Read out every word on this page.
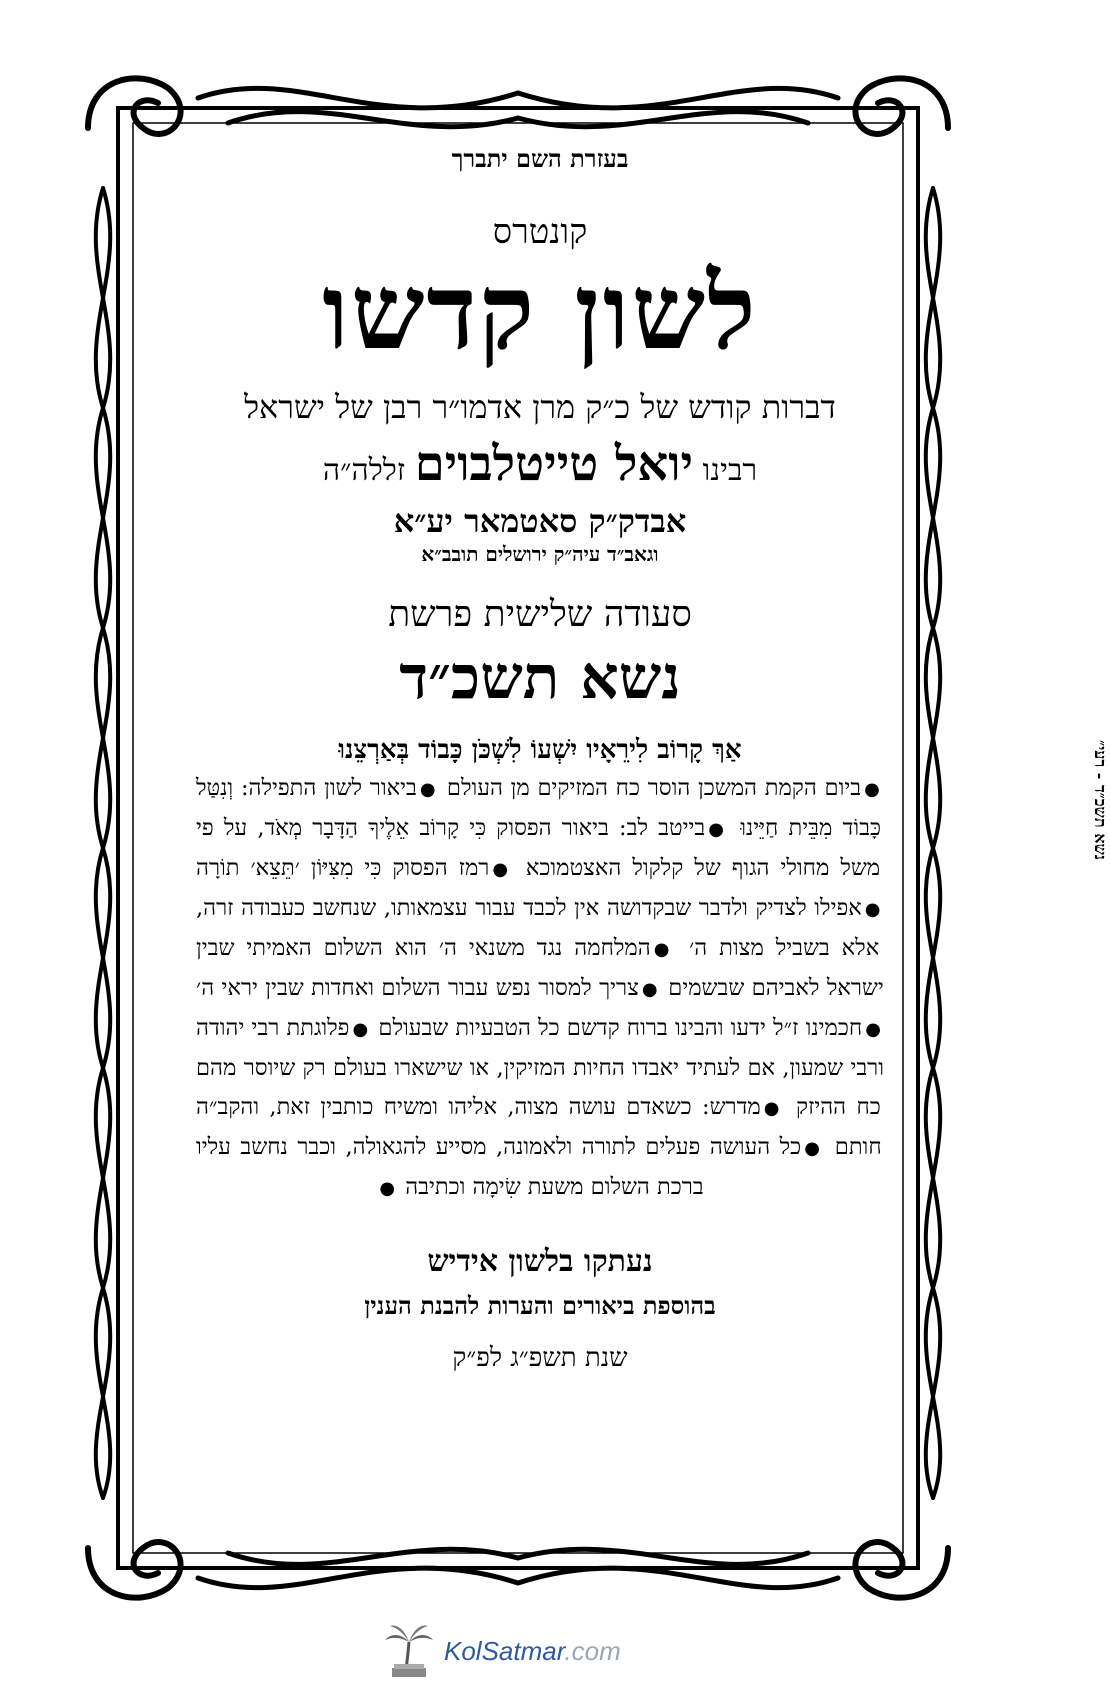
בעזרת השם יתברך
קונטרס
לשון קדשו
דברות קודש של כ״ק מרן אדמו״ר רבן של ישראל
רבינו יואל טייטלבוים זללה״ה
אבדק״ק סאטמאר יע״א
וגאב״ד עיה״ק ירושלים תובב״א
סעודה שלישית פרשת
נשא תשכ״ד
אַךְ קָרוֹב לִירֵאָיו יִשְׁעוֹ לִשְׁכֹּן כָּבוֹד בְּאַרְצֵנוּ
●ביום הקמת המשכן הוסר כח המזיקים מן העולם ●ביאור לשון התפילה: וְנִטַּל כָּבוֹד מִבֵּית חַיֵּינוּ ●בייטב לב: ביאור הפסוק כִּי קָרוֹב אֵלֶיךָ הַדָּבָר מְאֹד, על פי משל מחולי הגוף של קלקול האצטמוכא ●רמז הפסוק כִּי מִצִּיּוֹן ׳תֵּצֵא׳ תוֹרָה ●אפילו לצדיק ולדבר שבקדושה אין לכבד עבור עצמאותו, שנחשב כעבודה זרה, אלא בשביל מצות ה׳ ●המלחמה נגד משנאי ה׳ הוא השלום האמיתי שבין ישראל לאביהם שבשמים ●צריך למסור נפש עבור השלום ואחדות שבין יראי ה׳ ●חכמינו ז״ל ידעו והבינו ברוח קדשם כל הטבעיות שבעולם ●פלוגתת רבי יהודה ורבי שמעון, אם לעתיד יאבדו החיות המזיקין, או שישארו בעולם רק שיוסר מהם כח ההיזק ●מדרש: כשאדם עושה מצוה, אליהו ומשיח כותבין זאת, והקב״ה חותם ●כל העושה פעלים לתורה ולאמונה, מסייע להגאולה, וכבר נחשב עליו ברכת השלום משעת שִׂימָה וכתיבה ●
נעתקו בלשון אידיש
בהוספת ביאורים והערות להבנת הענין
שנת תשפ״ג לפ״ק
נשא תשכ״ד - רעי״
KolSatmar.com
